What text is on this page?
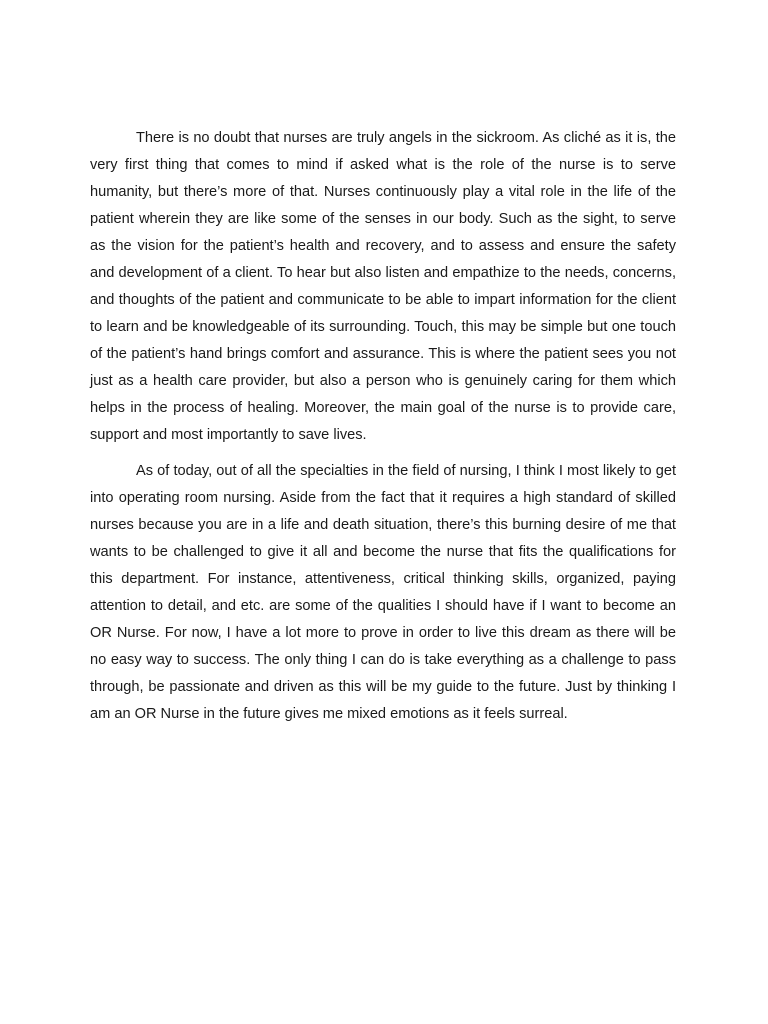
There is no doubt that nurses are truly angels in the sickroom. As cliché as it is, the very first thing that comes to mind if asked what is the role of the nurse is to serve humanity, but there’s more of that. Nurses continuously play a vital role in the life of the patient wherein they are like some of the senses in our body. Such as the sight, to serve as the vision for the patient’s health and recovery, and to assess and ensure the safety and development of a client. To hear but also listen and empathize to the needs, concerns, and thoughts of the patient and communicate to be able to impart information for the client to learn and be knowledgeable of its surrounding. Touch, this may be simple but one touch of the patient’s hand brings comfort and assurance. This is where the patient sees you not just as a health care provider, but also a person who is genuinely caring for them which helps in the process of healing. Moreover, the main goal of the nurse is to provide care, support and most importantly to save lives.

As of today, out of all the specialties in the field of nursing, I think I most likely to get into operating room nursing. Aside from the fact that it requires a high standard of skilled nurses because you are in a life and death situation, there’s this burning desire of me that wants to be challenged to give it all and become the nurse that fits the qualifications for this department. For instance, attentiveness, critical thinking skills, organized, paying attention to detail, and etc. are some of the qualities I should have if I want to become an OR Nurse. For now, I have a lot more to prove in order to live this dream as there will be no easy way to success. The only thing I can do is take everything as a challenge to pass through, be passionate and driven as this will be my guide to the future. Just by thinking I am an OR Nurse in the future gives me mixed emotions as it feels surreal.
